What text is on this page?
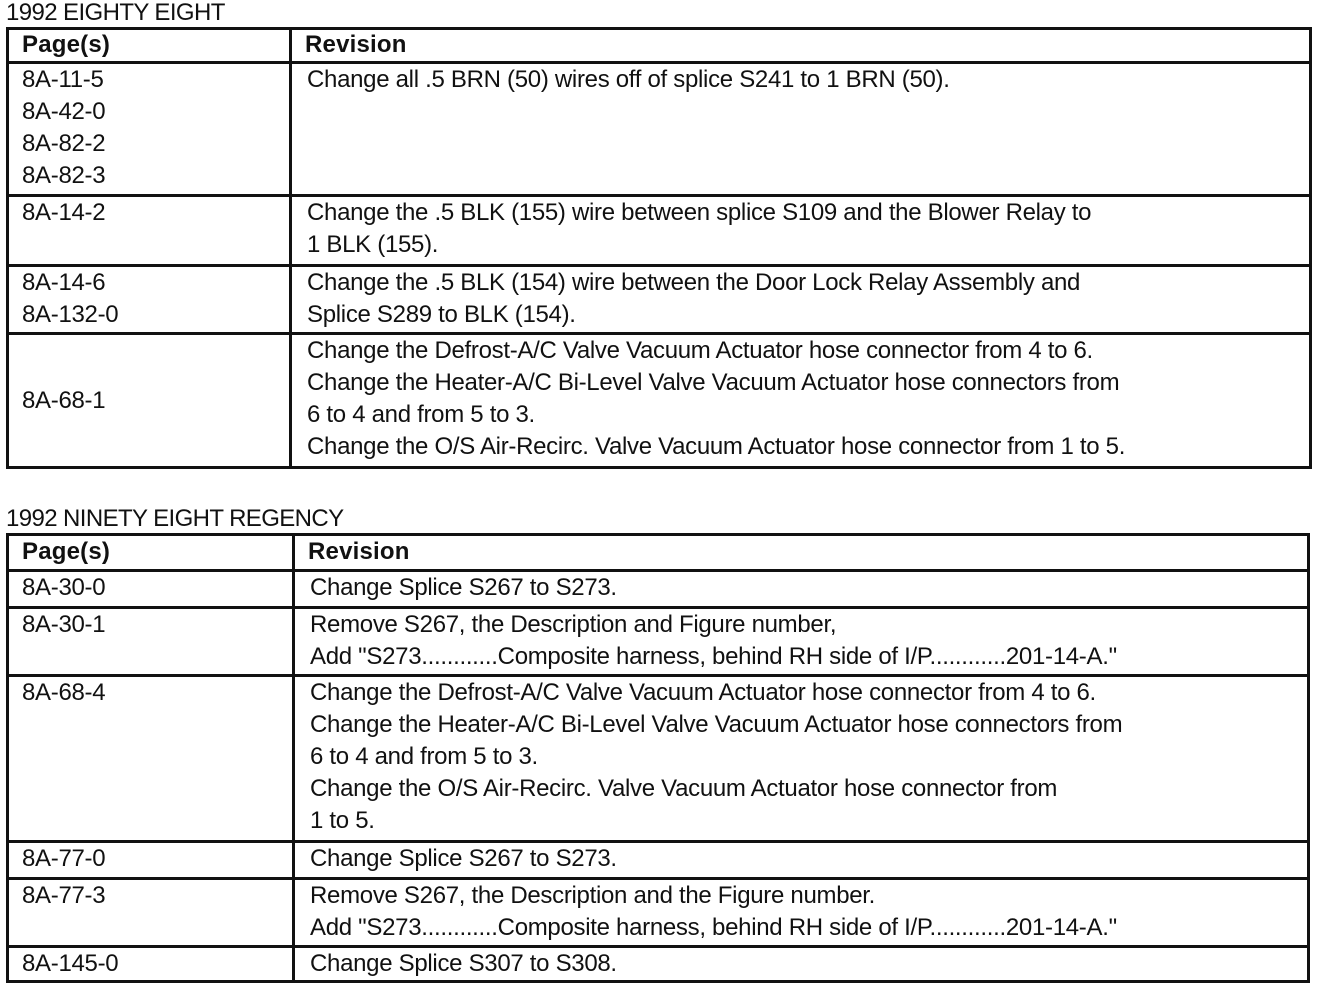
1992 EIGHTY EIGHT
Page(s)	Revision
8A-11-5
8A-42-0
8A-82-2
8A-82-3	Change all .5 BRN (50) wires off of splice S241 to 1 BRN (50).
8A-14-2	Change the .5 BLK (155) wire between splice S109 and the Blower Relay to
1 BLK (155).
8A-14-6
8A-132-0	Change the .5 BLK (154) wire between the Door Lock Relay Assembly and
Splice S289 to BLK (154).
8A-68-1	Change the Defrost-A/C Valve Vacuum Actuator hose connector from 4 to 6.
Change the Heater-A/C Bi-Level Valve Vacuum Actuator hose connectors from
6 to 4 and from 5 to 3.
Change the O/S Air-Recirc. Valve Vacuum Actuator hose connector from 1 to 5.
1992 NINETY EIGHT REGENCY
Page(s)	Revision
8A-30-0	Change Splice S267 to S273.
8A-30-1	Remove S267, the Description and Figure number,
Add "S273............Composite harness, behind RH side of I/P............201-14-A."
8A-68-4	Change the Defrost-A/C Valve Vacuum Actuator hose connector from 4 to 6.
Change the Heater-A/C Bi-Level Valve Vacuum Actuator hose connectors from
6 to 4 and from 5 to 3.
Change the O/S Air-Recirc. Valve Vacuum Actuator hose connector from
1 to 5.
8A-77-0	Change Splice S267 to S273.
8A-77-3	Remove S267, the Description and the Figure number.
Add "S273............Composite harness, behind RH side of I/P............201-14-A."
8A-145-0	Change Splice S307 to S308.
